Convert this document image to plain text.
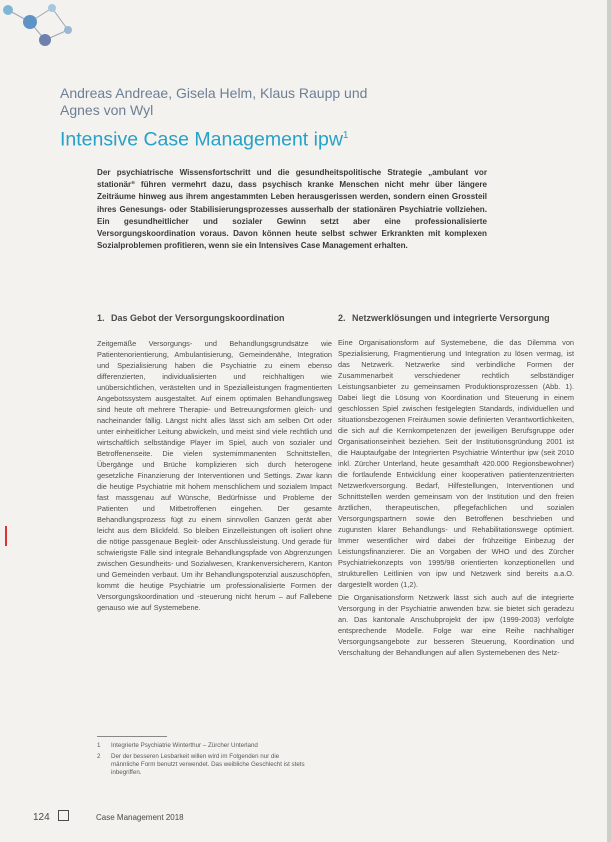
Andreas Andreae, Gisela Helm, Klaus Raupp und
Agnes von Wyl
Intensive Case Management ipw$^1$
Der psychiatrische Wissensfortschritt und die gesundheitspolitische Strategie „ambulant vor stationär“ führen vermehrt dazu, dass psychisch kranke Menschen nicht mehr über längere Zeiträume hinweg aus ihrem angestammten Leben herausgerissen werden, sondern einen Grossteil ihres Genesungs- oder Stabilisierungsprozesses ausserhalb der stationären Psychiatrie vollziehen. Ein gesundheitlicher und sozialer Gewinn setzt aber eine professionalisierte Versorgungskoordination voraus. Davon können heute selbst schwer Erkrankten mit komplexen Sozialproblemen profitieren, wenn sie ein Intensives Case Management erhalten.
1. Das Gebot der Versorgungskoordination

Zeitgemäße Versorgungs- und Behandlungsgrundsätze wie Patientenorientierung, Ambulantisierung, Gemeindenähe, Integration und Spezialisierung haben die Psychiatrie zu einem ebenso differenzierten, individualisierten und reichhaltigen wie unübersichtlichen, verästelten und in Spezialleistungen fragmentierten Angebotssystem ausgestaltet. Auf einem optimalen Behandlungsweg sind heute oft mehrere Therapie- und Betreuungsformen gleich- und nacheinander fällig. Längst nicht alles lässt sich am selben Ort oder unter einheitlicher Leitung abwickeln, und meist sind viele rechtlich und wirtschaftlich selbständige Player im Spiel, auch von sozialer und Betroffenenseite. Die vielen systemimmanenten Schnittstellen, Übergänge und Brüche komplizieren sich durch heterogene gesetzliche Finanzierung der Interventionen und Settings. Zwar kann die heutige Psychiatrie mit hohem menschlichem und sozialem Impact fast massgenau auf Wünsche, Bedürfnisse und Probleme der Patienten und Mitbetroffenen eingehen. Der gesamte Behandlungsprozess fügt zu einem sinnvollen Ganzen gerät aber leicht aus dem Blickfeld. So bleiben Einzelleistungen oft isoliert ohne die nötige passgenaue Begleit- oder Anschlussleistung. Und gerade für schwierigste Fälle sind integrale Behandlungspfade von Abgrenzungen zwischen Gesundheits- und Sozialwesen, Krankenversicherern, Kanton und Gemeinden verbaut. Um ihr Behandlungspotenzial auszuschöpfen, kommt die heutige Psychiatrie um professionalisierte Formen der Versorgungskoordination und -steuerung nicht herum – auf Fallebene genauso wie auf Systemebene.

2. Netzwerklösungen und integrierte Versorgung

Eine Organisationsform auf Systemebene, die das Dilemma von Spezialisierung, Fragmentierung und Integration zu lösen vermag, ist das Netzwerk. Netzwerke sind verbindliche Formen der Zusammenarbeit verschiedener rechtlich selbständiger Leistungsanbieter zu gemeinsamen Produktionsprozessen (Abb. 1). Dabei liegt die Lösung von Koordination und Steuerung in einem geschlossen Spiel zwischen festgelegten Standards, individuellen und situationsbezogenen Freiräumen sowie definierten Verantwortlichkeiten, die sich auf die Kernkompetenzen der jeweiligen Berufsgruppe oder Organisationseinheit beziehen. Seit der Institutionsgründung 2001 ist die Hauptaufgabe der Integrierten Psychiatrie Winterthur ipw (seit 2010 inkl. Zürcher Unterland, heute gesamthaft 420.000 Regionsbewohner) die fortlaufende Entwicklung einer kooperativen patientenzentrierten Netzwerkversorgung. Bedarf, Hilfestellungen, Interventionen und Schnittstellen werden gemeinsam von der Institution und den freien ärztlichen, therapeutischen, pflegefachlichen und sozialen Versorgungspartnern sowie den Betroffenen beschrieben und zugunsten klarer Behandlungs- und Rehabilitationswege optimiert. Immer wesentlicher wird dabei der frühzeitige Einbezug der Leistungsfinanzierer. Die an Vorgaben der WHO und des Zürcher Psychiatriekonzepts von 1995/98 orientierten konzeptionellen und strukturellen Leitlinien von ipw und Netzwerk sind bereits a.a.O. dargestellt worden (1,2).

Die Organisationsform Netzwerk lässt sich auch auf die integrierte Versorgung in der Psychiatrie anwenden bzw. sie bietet sich geradezu an. Das kantonale Anschubprojekt der ipw (1999-2003) verfolgte entsprechende Modelle. Folge war eine Reihe nachhaltiger Versorgungsangebote zur besseren Steuerung, Koordination und Verschaltung der Behandlungen auf allen Systemebenen des Netz-

1	Integrierte Psychiatrie Winterthur – Zürcher Unterland
2	Der der besseren Lesbarkeit willen wird im Folgenden nur die männliche Form benutzt verwendet. Das weibliche Geschlecht ist stets inbegriffen.
124	Case Management 2018
